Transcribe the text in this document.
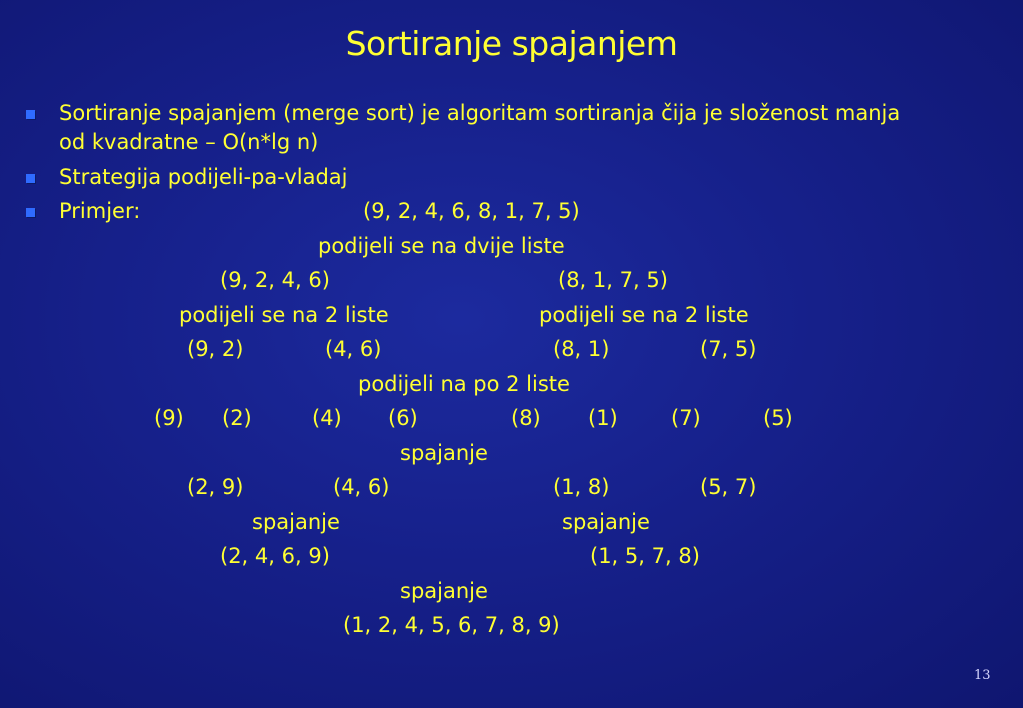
Sortiranje spajanjem
Sortiranje spajanjem (merge sort) je algoritam sortiranja čija je složenost manja
od kvadratne – O(n*lg n)
Strategija podijeli-pa-vladaj
Primjer:	(9, 2, 4, 6, 8, 1, 7, 5)
podijeli se na dvije liste
(9, 2, 4, 6)	(8, 1, 7, 5)
podijeli se na 2 liste	podijeli se na 2 liste
(9, 2)	(4, 6)	(8, 1)	(7, 5)
podijeli na po 2 liste
(9) (2)	(4) (6)	(8) (1)	(7)	(5)
spajanje
(2, 9)	(4, 6)	(1, 8)	(5, 7)
spajanje	spajanje
(2, 4, 6, 9)	(1, 5, 7, 8)
spajanje
(1, 2, 4, 5, 6, 7, 8, 9)
13
